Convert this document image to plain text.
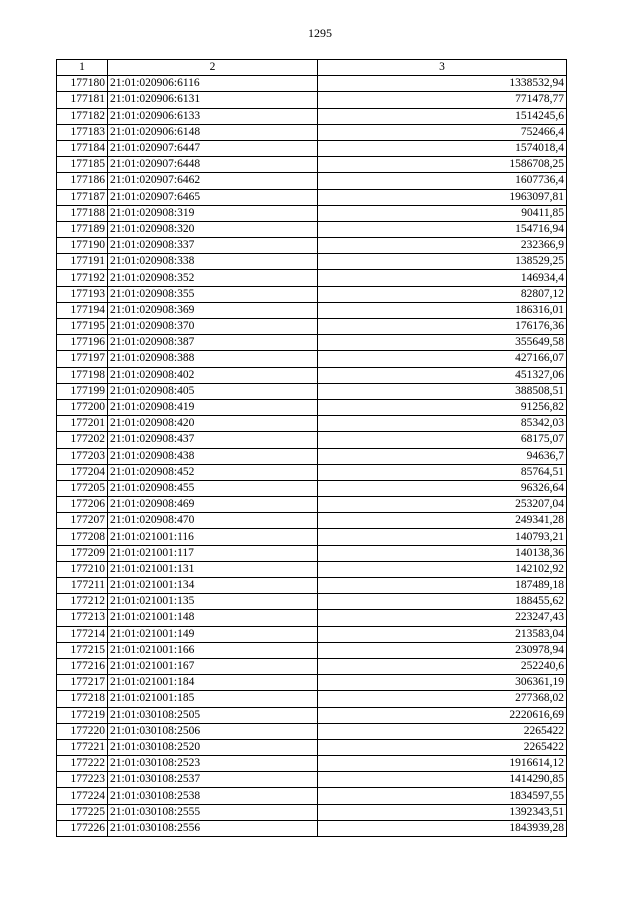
1295
1	2	3
177180	21:01:020906:6116	1338532,94
177181	21:01:020906:6131	771478,77
177182	21:01:020906:6133	1514245,6
177183	21:01:020906:6148	752466,4
177184	21:01:020907:6447	1574018,4
177185	21:01:020907:6448	1586708,25
177186	21:01:020907:6462	1607736,4
177187	21:01:020907:6465	1963097,81
177188	21:01:020908:319	90411,85
177189	21:01:020908:320	154716,94
177190	21:01:020908:337	232366,9
177191	21:01:020908:338	138529,25
177192	21:01:020908:352	146934,4
177193	21:01:020908:355	82807,12
177194	21:01:020908:369	186316,01
177195	21:01:020908:370	176176,36
177196	21:01:020908:387	355649,58
177197	21:01:020908:388	427166,07
177198	21:01:020908:402	451327,06
177199	21:01:020908:405	388508,51
177200	21:01:020908:419	91256,82
177201	21:01:020908:420	85342,03
177202	21:01:020908:437	68175,07
177203	21:01:020908:438	94636,7
177204	21:01:020908:452	85764,51
177205	21:01:020908:455	96326,64
177206	21:01:020908:469	253207,04
177207	21:01:020908:470	249341,28
177208	21:01:021001:116	140793,21
177209	21:01:021001:117	140138,36
177210	21:01:021001:131	142102,92
177211	21:01:021001:134	187489,18
177212	21:01:021001:135	188455,62
177213	21:01:021001:148	223247,43
177214	21:01:021001:149	213583,04
177215	21:01:021001:166	230978,94
177216	21:01:021001:167	252240,6
177217	21:01:021001:184	306361,19
177218	21:01:021001:185	277368,02
177219	21:01:030108:2505	2220616,69
177220	21:01:030108:2506	2265422
177221	21:01:030108:2520	2265422
177222	21:01:030108:2523	1916614,12
177223	21:01:030108:2537	1414290,85
177224	21:01:030108:2538	1834597,55
177225	21:01:030108:2555	1392343,51
177226	21:01:030108:2556	1843939,28
